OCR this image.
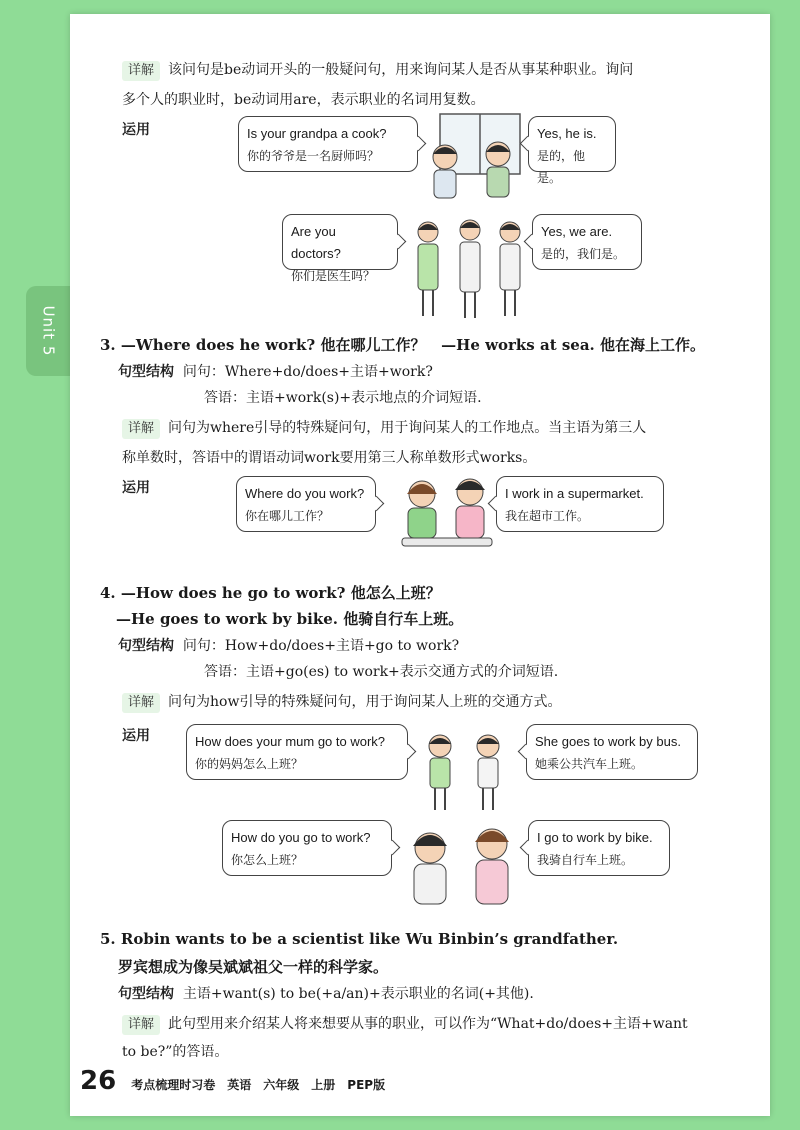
Unit 5
详解 该问句是be动词开头的一般疑问句，用来询问某人是否从事某种职业。询问
多个人的职业时，be动词用are，表示职业的名词用复数。
运用	Is your grandpa a cook?
你的爷爷是一名厨师吗？
Yes, he is.
是的，他是。
Are you doctors?
你们是医生吗？
Yes, we are.
是的，我们是。
3. —Where does he work? 他在哪儿工作？ —He works at sea. 他在海上工作。
句型结构 问句：Where+do/does+主语+work?
答语：主语+work(s)+表示地点的介词短语.
详解 问句为where引导的特殊疑问句，用于询问某人的工作地点。当主语为第三人
称单数时，答语中的谓语动词work要用第三人称单数形式works。
运用	Where do you work?
你在哪儿工作？
I work in a supermarket.
我在超市工作。
4. —How does he go to work? 他怎么上班？
—He goes to work by bike. 他骑自行车上班。
句型结构 问句：How+do/does+主语+go to work?
答语：主语+go(es) to work+表示交通方式的介词短语.
详解 问句为how引导的特殊疑问句，用于询问某人上班的交通方式。
运用	How does your mum go to work?
你的妈妈怎么上班？
She goes to work by bus.
她乘公共汽车上班。
How do you go to work?
你怎么上班？
I go to work by bike.
我骑自行车上班。
5. Robin wants to be a scientist like Wu Binbin’s grandfather.
罗宾想成为像吴斌斌祖父一样的科学家。
句型结构 主语+want(s) to be(+a/an)+表示职业的名词(+其他).
详解 此句型用来介绍某人将来想要从事的职业，可以作为“What+do/does+主语+want
to be?”的答语。
26 考点梳理时习卷　英语　六年级　上册　PEP版
